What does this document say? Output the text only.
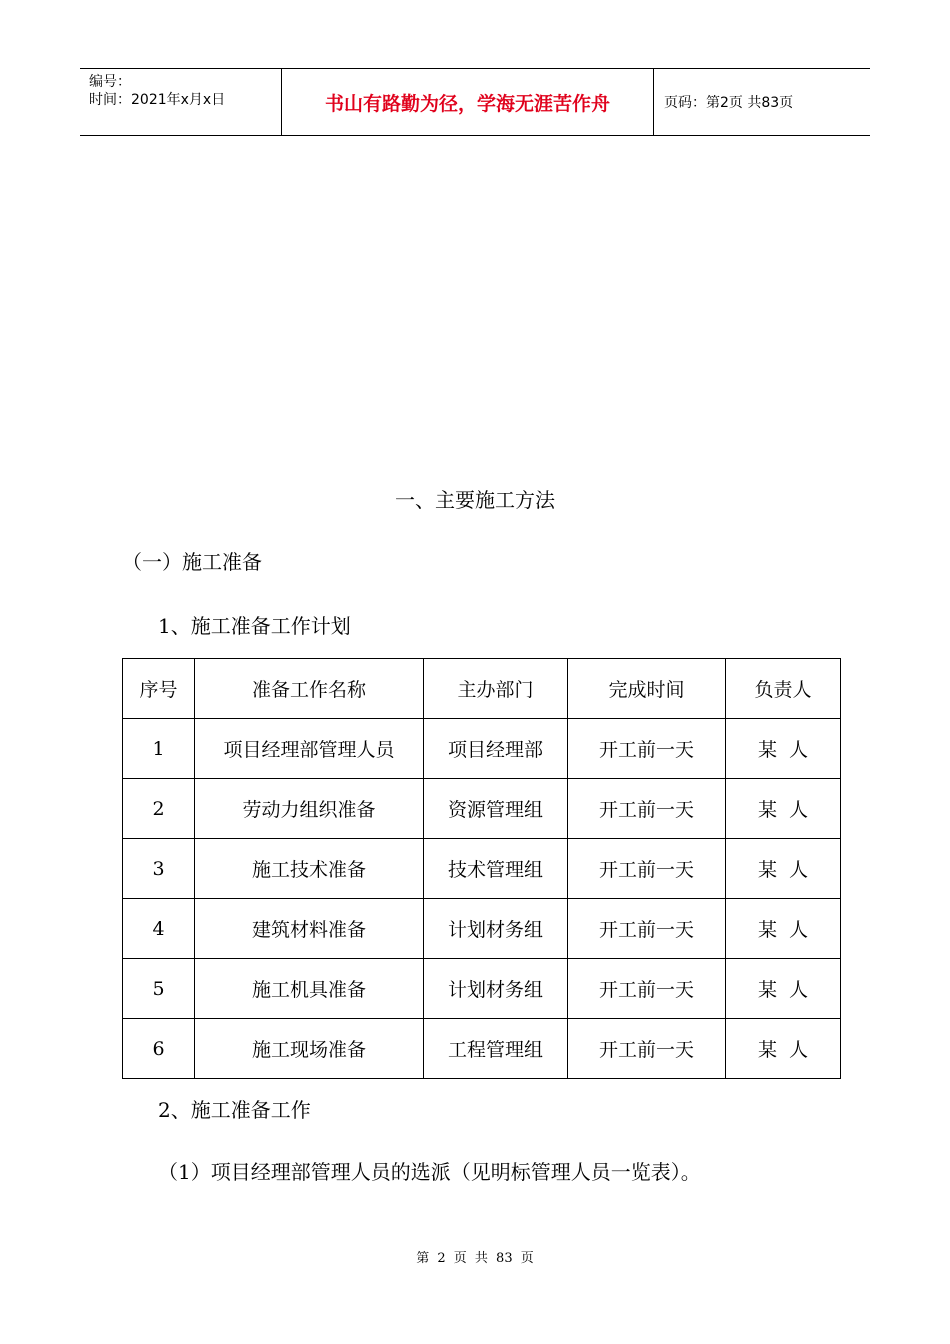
编号：
时间：2021年x月x日	书山有路勤为径，学海无涯苦作舟	页码：第2页 共83页
一、主要施工方法
（一）施工准备
1、施工准备工作计划
序号	准备工作名称	主办部门	完成时间	负责人
1	项目经理部管理人员	项目经理部	开工前一天	某  人
2	劳动力组织准备	资源管理组	开工前一天	某  人
3	施工技术准备	技术管理组	开工前一天	某  人
4	建筑材料准备	计划材务组	开工前一天	某  人
5	施工机具准备	计划材务组	开工前一天	某  人
6	施工现场准备	工程管理组	开工前一天	某  人
2、施工准备工作
（1）项目经理部管理人员的选派（见明标管理人员一览表）。
第 2 页 共 83 页
